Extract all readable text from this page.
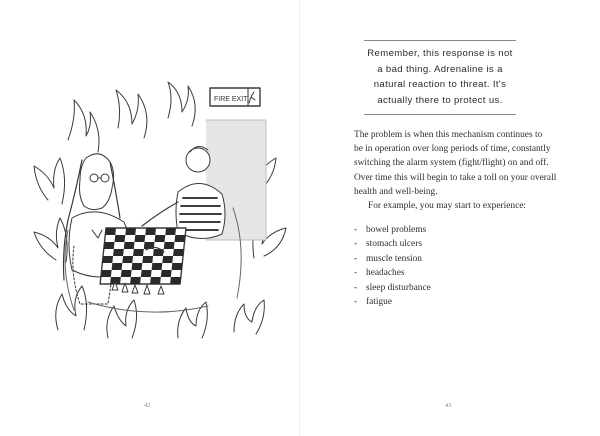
FIRE EXIT
42
Remember, this response is not
a bad thing. Adrenaline is a
natural reaction to threat. It's
actually there to protect us.

The problem is when this mechanism continues to
be in operation over long periods of time, constantly
switching the alarm system (fight/flight) on and off.
Over time this will begin to take a toll on your overall
health and well-being.

For example, you may start to experience:

- bowel problems
- stomach ulcers
- muscle tension
- headaches
- sleep disturbance
- fatigue
43
